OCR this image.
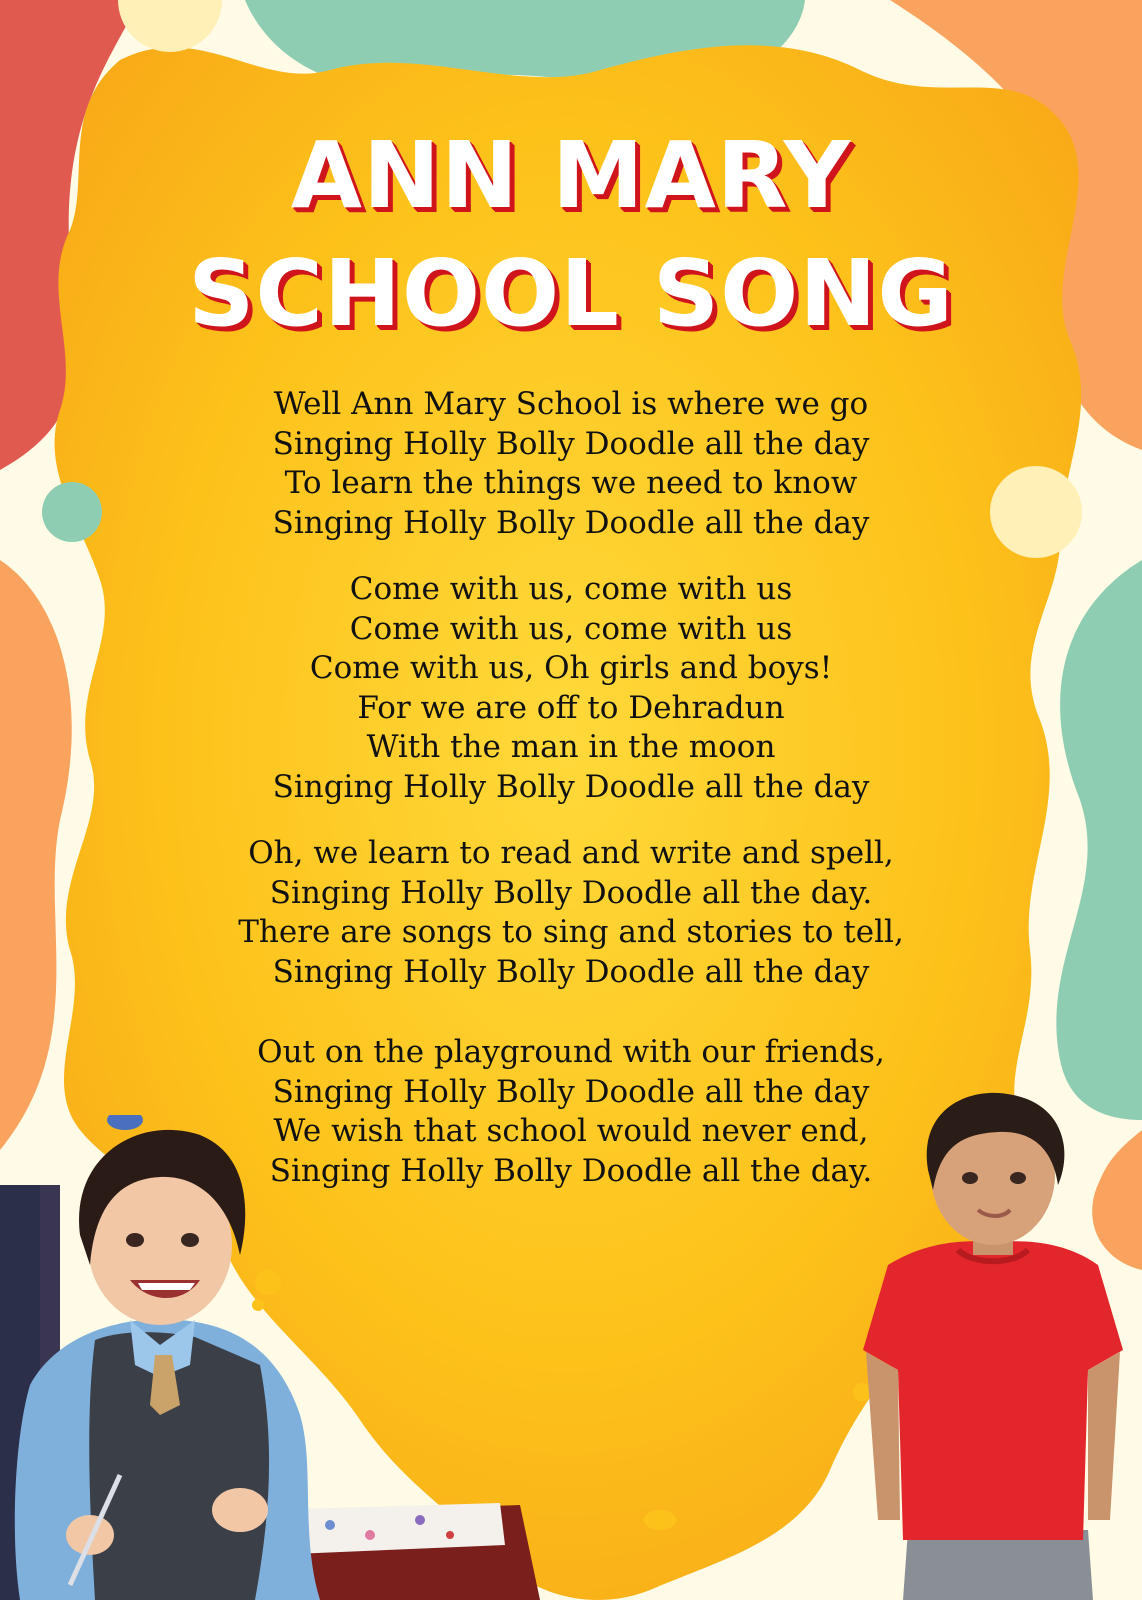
ANN MARY
SCHOOL SONG
Well Ann Mary School is where we go
Singing Holly Bolly Doodle all the day
To learn the things we need to know
Singing Holly Bolly Doodle all the day
Come with us, come with us
Come with us, come with us
Come with us, Oh girls and boys!
For we are off to Dehradun
With the man in the moon
Singing Holly Bolly Doodle all the day
Oh, we learn to read and write and spell,
Singing Holly Bolly Doodle all the day.
There are songs to sing and stories to tell,
Singing Holly Bolly Doodle all the day
Out on the playground with our friends,
Singing Holly Bolly Doodle all the day
We wish that school would never end,
Singing Holly Bolly Doodle all the day.
